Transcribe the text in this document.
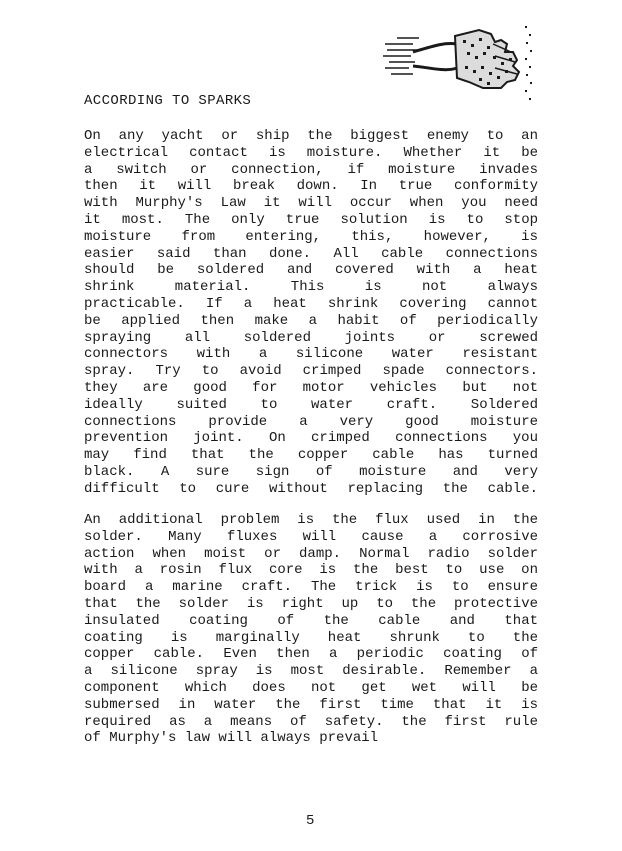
ACCORDING TO SPARKS
On any yacht or ship the biggest enemy to an
electrical contact is moisture. Whether it be
a switch or connection, if moisture invades
then it will break down. In true conformity
with Murphy's Law it will occur when you need
it most. The only true solution is to stop
moisture from entering, this, however, is
easier said than done. All cable connections
should be soldered and covered with a heat
shrink material. This is not always
practicable. If a heat shrink covering cannot
be applied then make a habit of periodically
spraying all soldered joints or screwed
connectors with a silicone water resistant
spray. Try to avoid crimped spade connectors.
they are good for motor vehicles but not
ideally suited to water craft. Soldered
connections provide a very good moisture
prevention joint. On crimped connections you
may find that the copper cable has turned
black. A sure sign of moisture and very
difficult to cure without replacing the cable.
An additional problem is the flux used in the
solder. Many fluxes will cause a corrosive
action when moist or damp. Normal radio solder
with a rosin flux core is the best to use on
board a marine craft. The trick is to ensure
that the solder is right up to the protective
insulated coating of the cable and that
coating is marginally heat shrunk to the
copper cable. Even then a periodic coating of
a silicone spray is most desirable. Remember a
component which does not get wet will be
submersed in water the first time that it is
required as a means of safety. the first rule
of Murphy's law will always prevail

5
